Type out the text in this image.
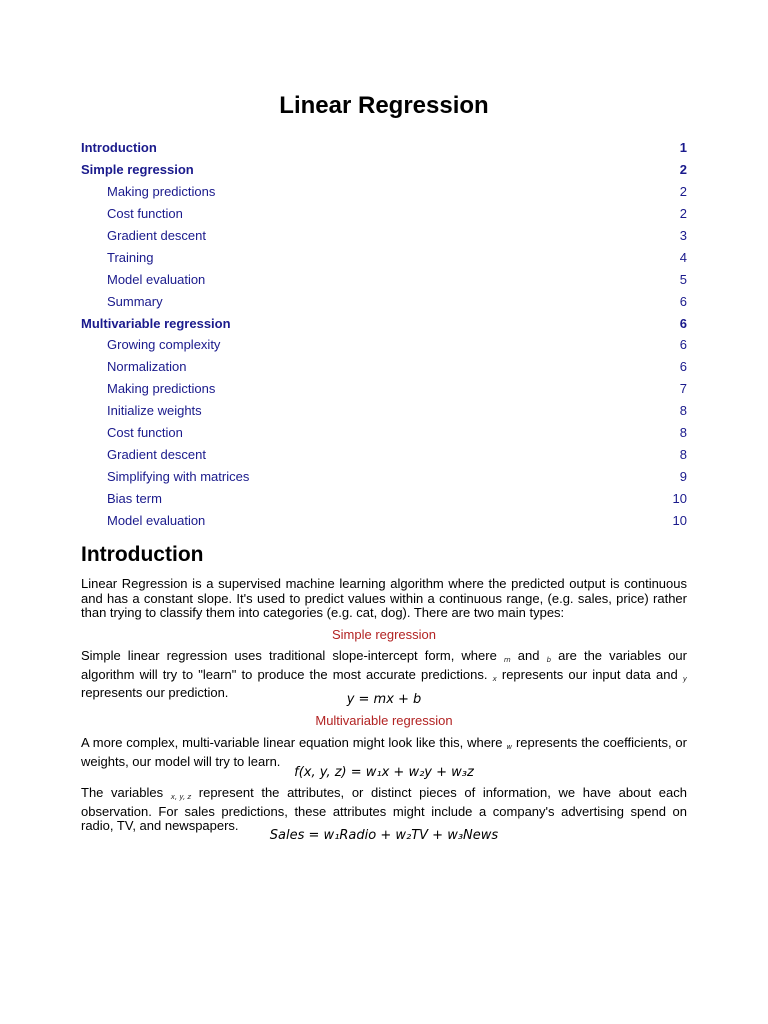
Linear Regression
Introduction	1
Simple regression	2
Making predictions	2
Cost function	2
Gradient descent	3
Training	4
Model evaluation	5
Summary	6
Multivariable regression	6
Growing complexity	6
Normalization	6
Making predictions	7
Initialize weights	8
Cost function	8
Gradient descent	8
Simplifying with matrices	9
Bias term	10
Model evaluation	10
Introduction

Linear Regression is a supervised machine learning algorithm where the predicted output is continuous and has a constant slope. It's used to predict values within a continuous range, (e.g. sales, price) rather than trying to classify them into categories (e.g. cat, dog). There are two main types:

Simple regression

Simple linear regression uses traditional slope-intercept form, where m and b are the variables our algorithm will try to "learn" to produce the most accurate predictions. x represents our input data and y represents our prediction.	y = mx + b

Multivariable regression

A more complex, multi-variable linear equation might look like this, where w represents the coefficients, or weights, our model will try to learn.

f(x, y, z) = w₁x + w₂y + w₃z

The variables x, y, z represent the attributes, or distinct pieces of information, we have about each observation. For sales predictions, these attributes might include a company's advertising spend on radio, TV, and newspapers.

Sales = w₁Radio + w₂TV + w₃News
